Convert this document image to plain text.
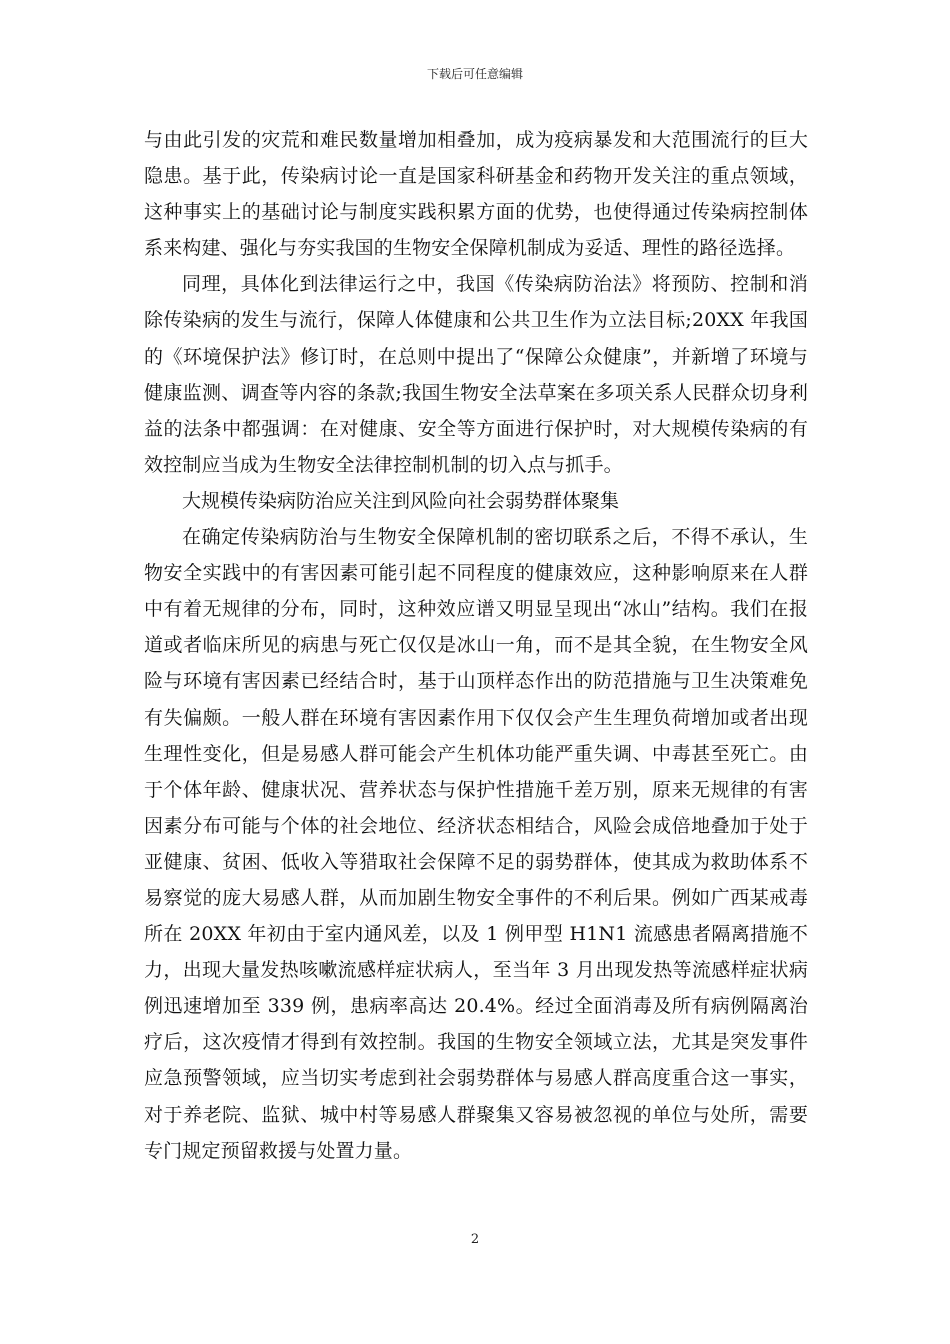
下载后可任意编辑

与由此引发的灾荒和难民数量增加相叠加，成为疫病暴发和大范围流行的巨大隐患。基于此，传染病讨论一直是国家科研基金和药物开发关注的重点领域，这种事实上的基础讨论与制度实践积累方面的优势，也使得通过传染病控制体系来构建、强化与夯实我国的生物安全保障机制成为妥适、理性的路径选择。

同理，具体化到法律运行之中，我国《传染病防治法》将预防、控制和消除传染病的发生与流行，保障人体健康和公共卫生作为立法目标;20XX 年我国的《环境保护法》修订时，在总则中提出了“保障公众健康”，并新增了环境与健康监测、调查等内容的条款;我国生物安全法草案在多项关系人民群众切身利益的法条中都强调：在对健康、安全等方面进行保护时，对大规模传染病的有效控制应当成为生物安全法律控制机制的切入点与抓手。

大规模传染病防治应关注到风险向社会弱势群体聚集

在确定传染病防治与生物安全保障机制的密切联系之后，不得不承认，生物安全实践中的有害因素可能引起不同程度的健康效应，这种影响原来在人群中有着无规律的分布，同时，这种效应谱又明显呈现出“冰山”结构。我们在报道或者临床所见的病患与死亡仅仅是冰山一角，而不是其全貌，在生物安全风险与环境有害因素已经结合时，基于山顶样态作出的防范措施与卫生决策难免有失偏颇。一般人群在环境有害因素作用下仅仅会产生生理负荷增加或者出现生理性变化，但是易感人群可能会产生机体功能严重失调、中毒甚至死亡。由于个体年龄、健康状况、营养状态与保护性措施千差万别，原来无规律的有害因素分布可能与个体的社会地位、经济状态相结合，风险会成倍地叠加于处于亚健康、贫困、低收入等猎取社会保障不足的弱势群体，使其成为救助体系不易察觉的庞大易感人群，从而加剧生物安全事件的不利后果。例如广西某戒毒所在 20XX 年初由于室内通风差，以及 1 例甲型 H1N1 流感患者隔离措施不力，出现大量发热咳嗽流感样症状病人，至当年 3 月出现发热等流感样症状病例迅速增加至 339 例，患病率高达 20.4%。经过全面消毒及所有病例隔离治疗后，这次疫情才得到有效控制。我国的生物安全领域立法，尤其是突发事件应急预警领域，应当切实考虑到社会弱势群体与易感人群高度重合这一事实，对于养老院、监狱、城中村等易感人群聚集又容易被忽视的单位与处所，需要专门规定预留救援与处置力量。

2
